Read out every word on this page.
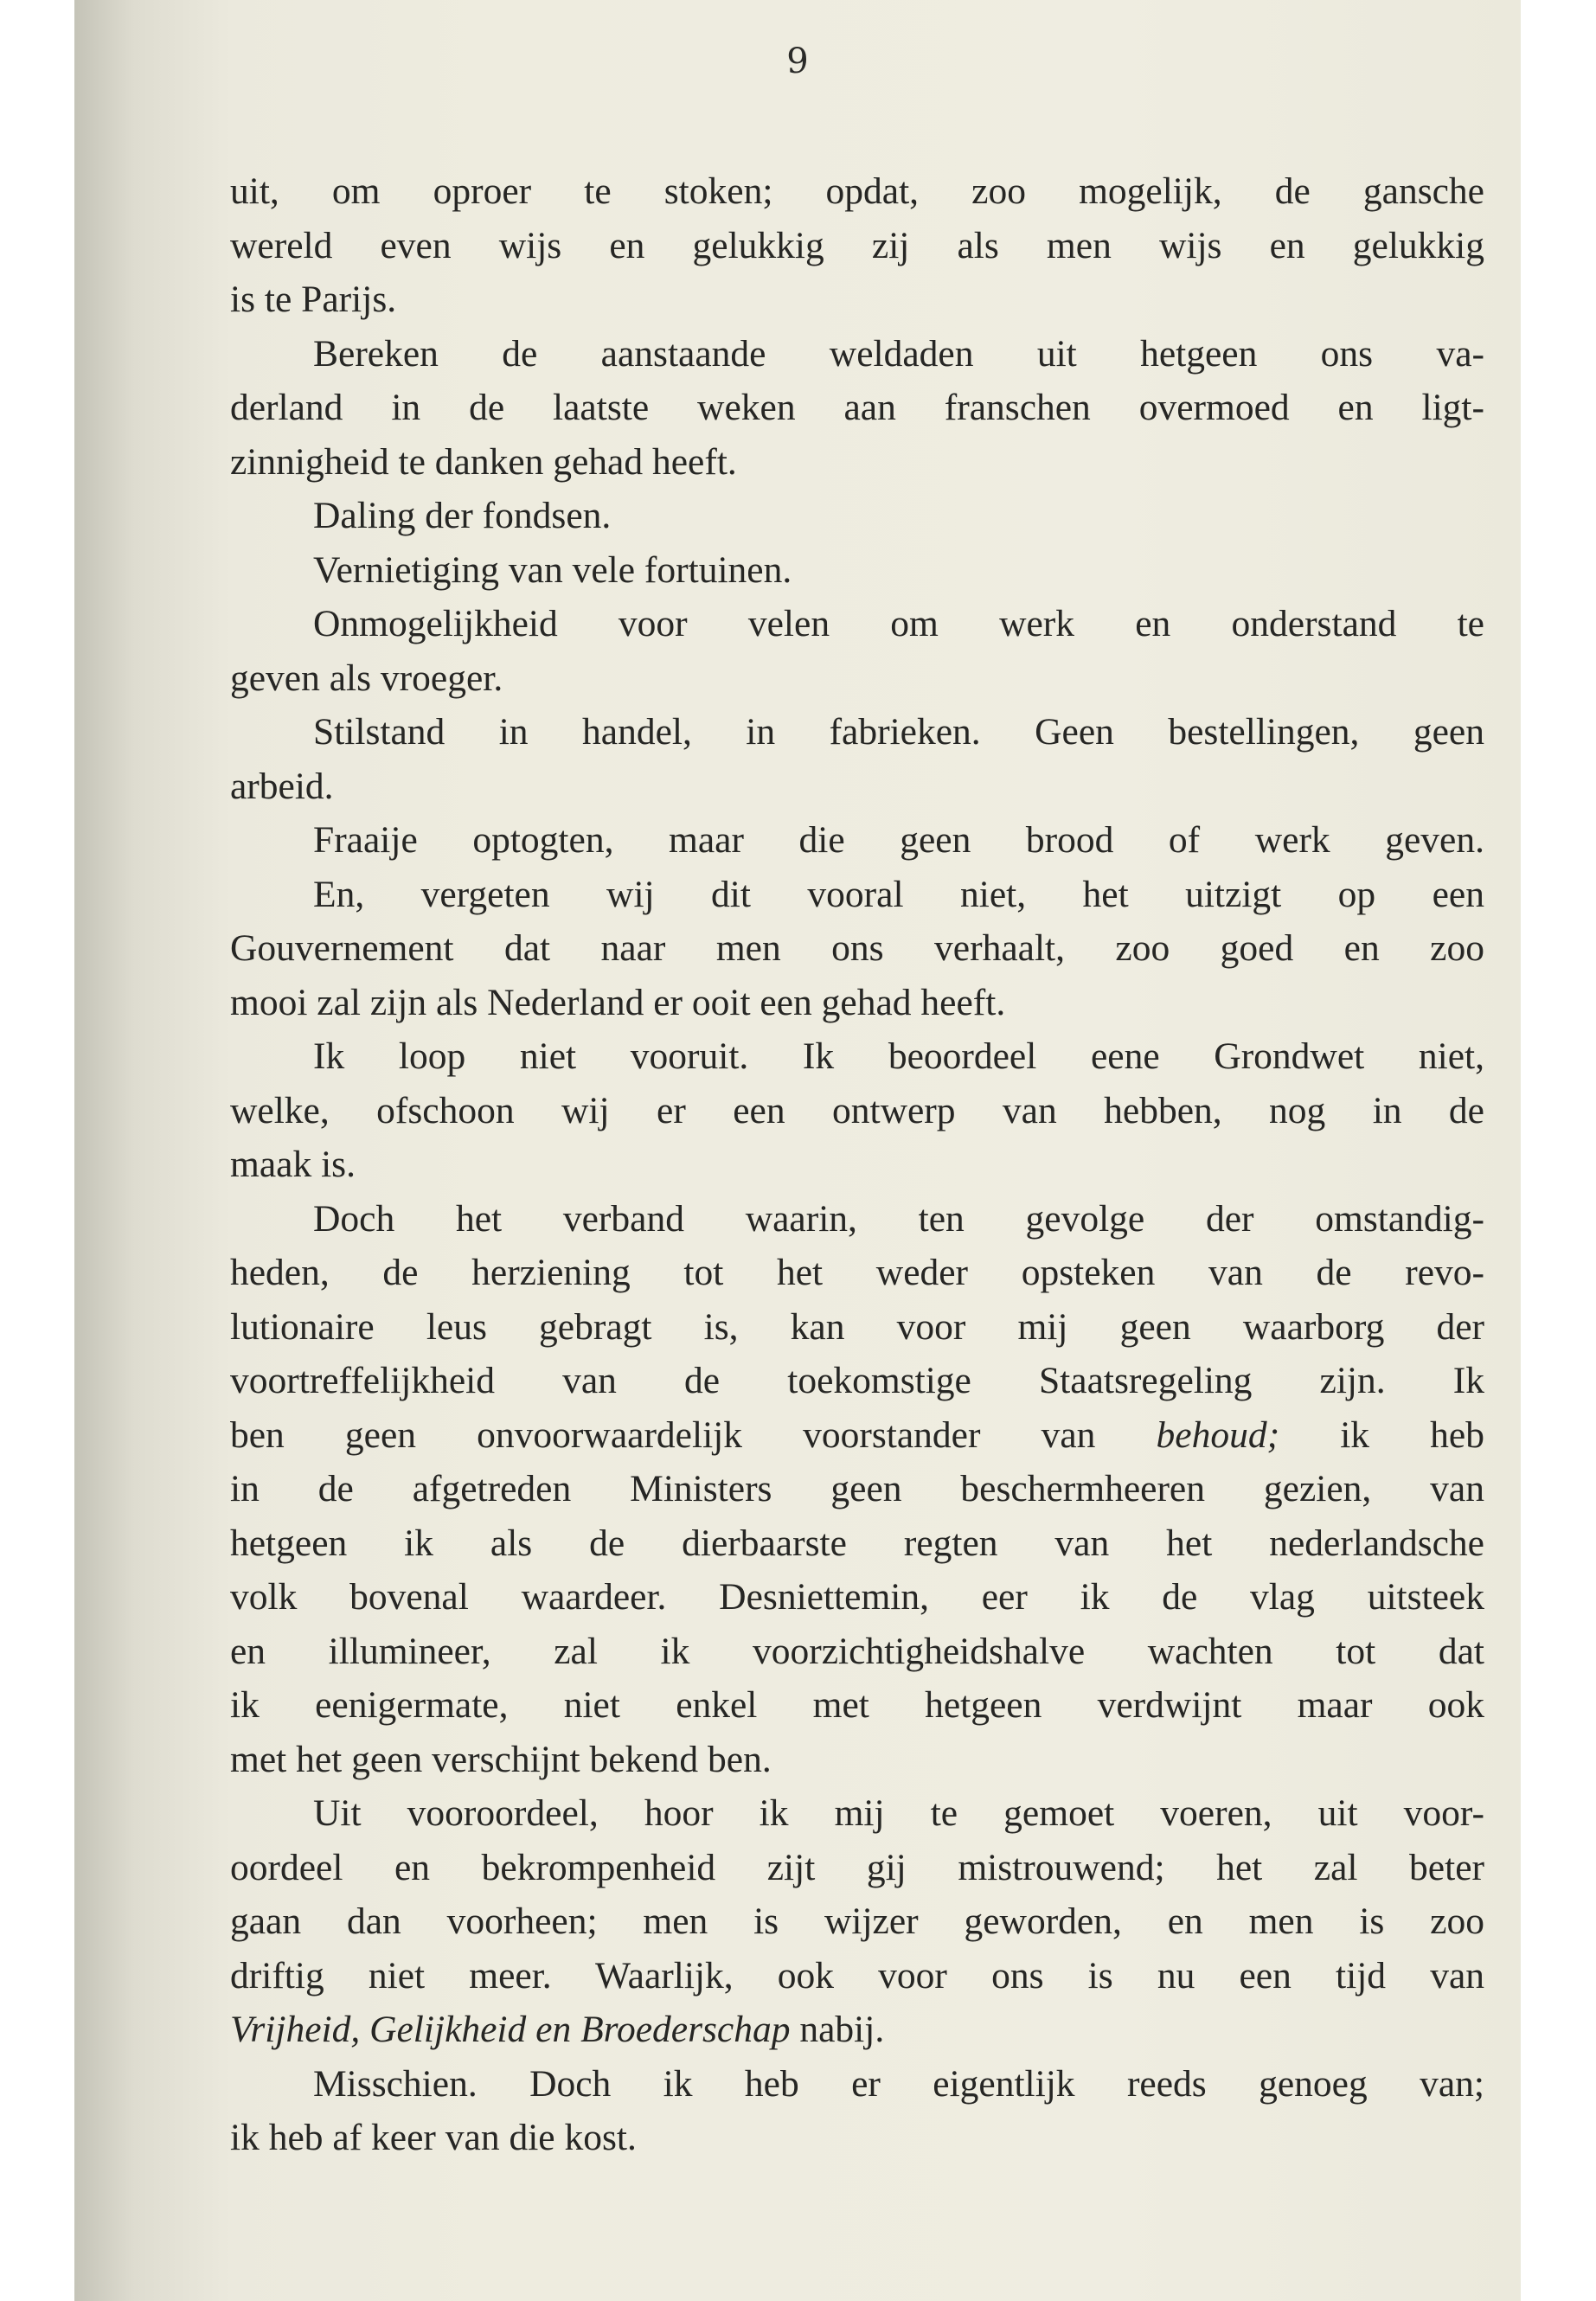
9
uit, om oproer te stoken; opdat, zoo mogelijk, de gansche
wereld even wijs en gelukkig zij als men wijs en gelukkig
is te Parijs.
Bereken de aanstaande weldaden uit hetgeen ons va-
derland in de laatste weken aan franschen overmoed en ligt-
zinnigheid te danken gehad heeft.
Daling der fondsen.
Vernietiging van vele fortuinen.
Onmogelijkheid voor velen om werk en onderstand te
geven als vroeger.
Stilstand in handel, in fabrieken. Geen bestellingen, geen
arbeid.
Fraaije optogten, maar die geen brood of werk geven.
En, vergeten wij dit vooral niet, het uitzigt op een
Gouvernement dat naar men ons verhaalt, zoo goed en zoo
mooi zal zijn als Nederland er ooit een gehad heeft.
Ik loop niet vooruit. Ik beoordeel eene Grondwet niet,
welke, ofschoon wij er een ontwerp van hebben, nog in de
maak is.
Doch het verband waarin, ten gevolge der omstandig-
heden, de herziening tot het weder opsteken van de revo-
lutionaire leus gebragt is, kan voor mij geen waarborg der
voortreffelijkheid van de toekomstige Staatsregeling zijn. Ik
ben geen onvoorwaardelijk voorstander van behoud; ik heb
in de afgetreden Ministers geen beschermheeren gezien, van
hetgeen ik als de dierbaarste regten van het nederlandsche
volk bovenal waardeer. Desniettemin, eer ik de vlag uitsteek
en illumineer, zal ik voorzichtigheidshalve wachten tot dat
ik eenigermate, niet enkel met hetgeen verdwijnt maar ook
met het geen verschijnt bekend ben.
Uit vooroordeel, hoor ik mij te gemoet voeren, uit voor-
oordeel en bekrompenheid zijt gij mistrouwend; het zal beter
gaan dan voorheen; men is wijzer geworden, en men is zoo
driftig niet meer. Waarlijk, ook voor ons is nu een tijd van
Vrijheid, Gelijkheid en Broederschap nabij.
Misschien. Doch ik heb er eigentlijk reeds genoeg van;
ik heb af keer van die kost.
